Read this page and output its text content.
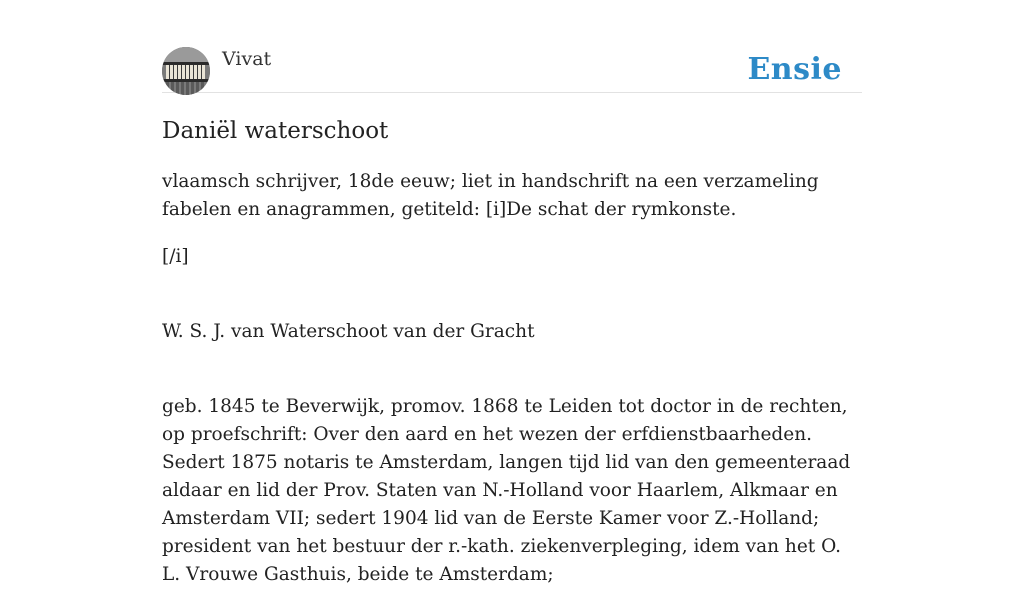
Vivat	Ensie
Daniël waterschoot

vlaamsch schrijver, 18de eeuw; liet in handschrift na een verzameling fabelen en anagrammen, getiteld: [i]De schat der rymkonste.

[/i]

W. S. J. van Waterschoot van der Gracht

geb. 1845 te Beverwijk, promov. 1868 te Leiden tot doctor in de rechten, op proefschrift: Over den aard en het wezen der erfdienstbaarheden. Sedert 1875 notaris te Amsterdam, langen tijd lid van den gemeenteraad aldaar en lid der Prov. Staten van N.-Holland voor Haarlem, Alkmaar en Amsterdam VII; sedert 1904 lid van de Eerste Kamer voor Z.-Holland; president van het bestuur der r.-kath. ziekenverpleging, idem van het O. L. Vrouwe Gasthuis, beide te Amsterdam;
